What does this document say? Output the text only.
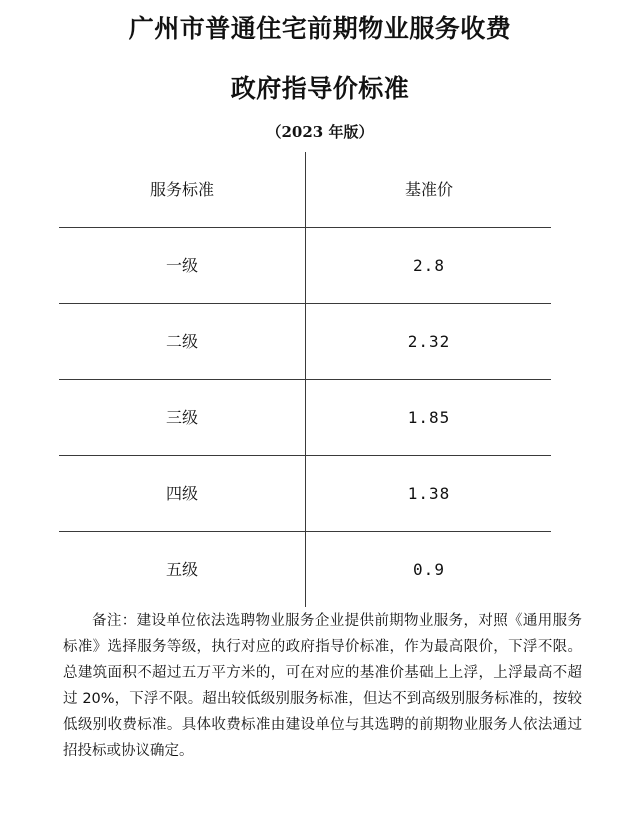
广州市普通住宅前期物业服务收费
政府指导价标准
（2023 年版）
服务标准	基准价
一级	2.8
二级	2.32
三级	1.85
四级	1.38
五级	0.9
备注：建设单位依法选聘物业服务企业提供前期物业服务，对照《通用服务标准》选择服务等级，执行对应的政府指导价标准，作为最高限价，下浮不限。总建筑面积不超过五万平方米的，可在对应的基准价基础上上浮，上浮最高不超过 20%，下浮不限。超出较低级别服务标准，但达不到高级别服务标准的，按较低级别收费标准。具体收费标准由建设单位与其选聘的前期物业服务人依法通过招投标或协议确定。
